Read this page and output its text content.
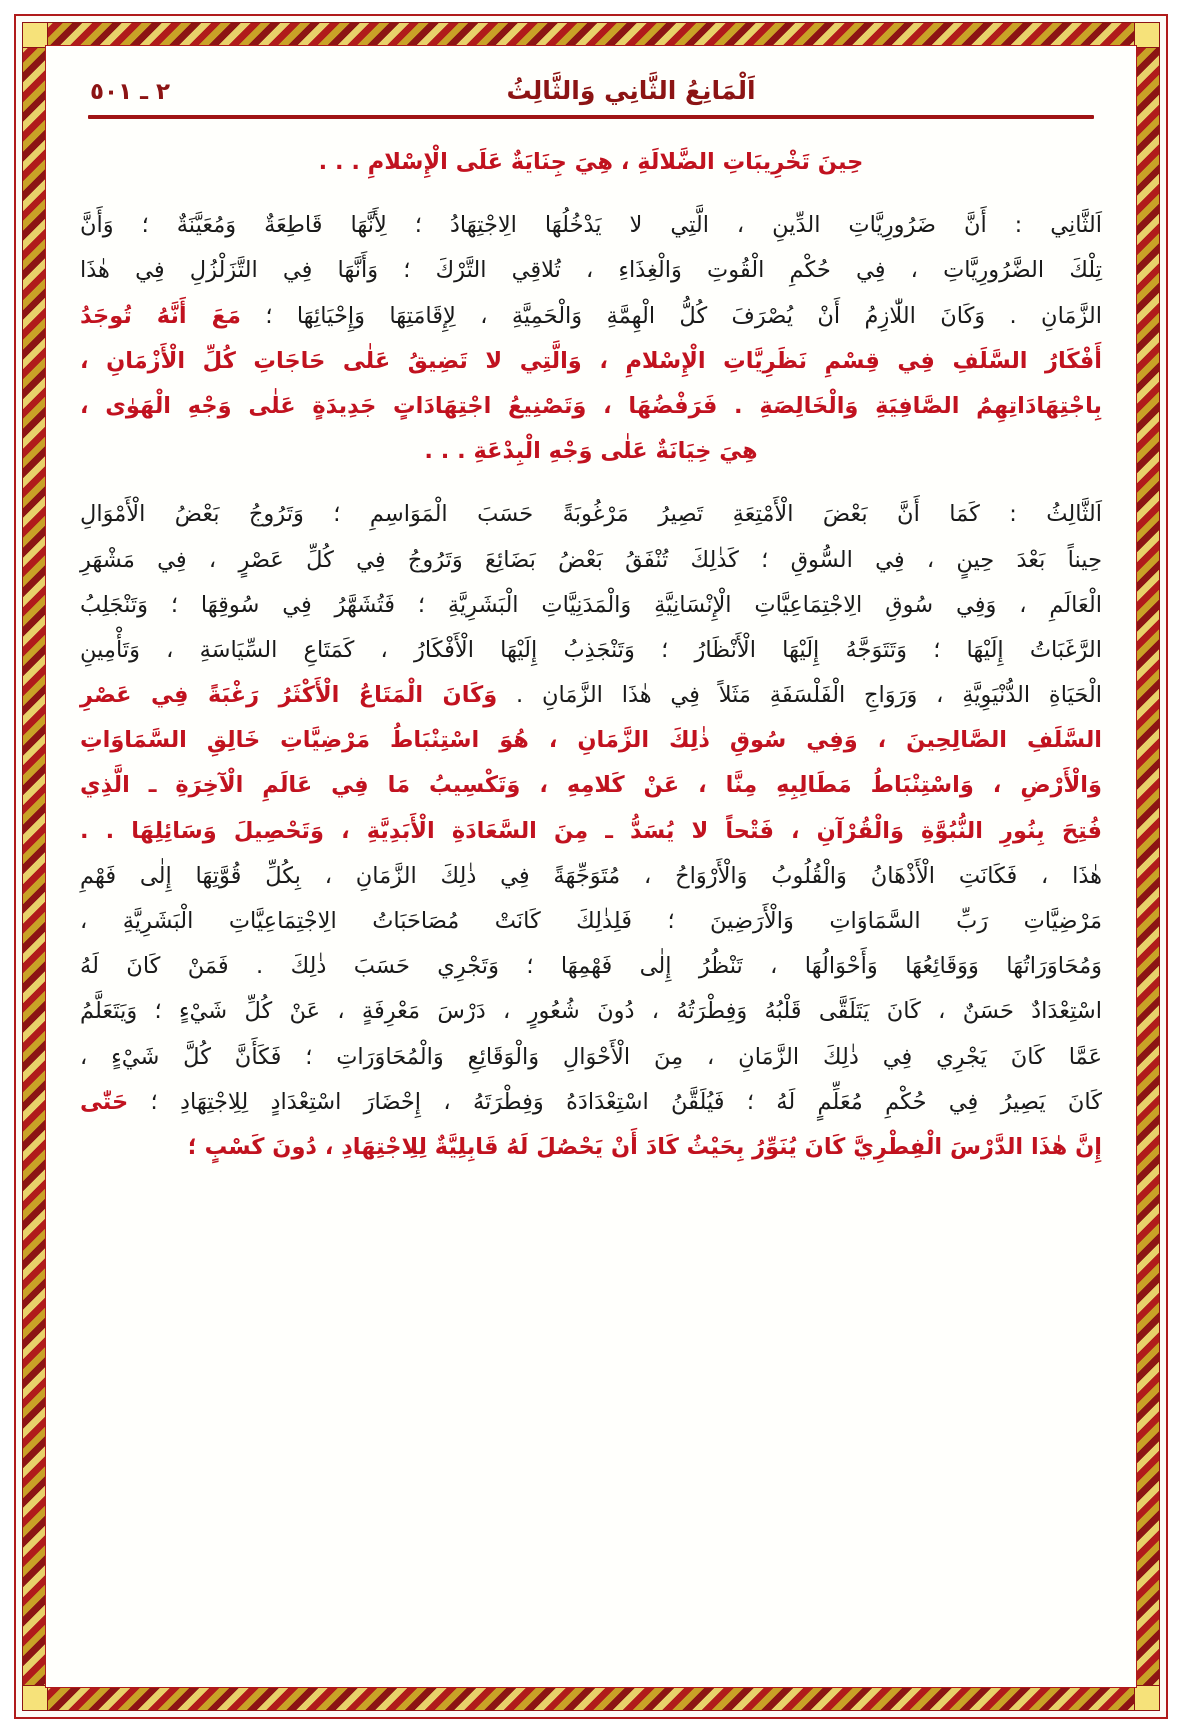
اَلْمَانِعُ الثَّانِي وَالثَّالِثُ
٢ ـ ٥٠١

حِينَ تَخْرِيبَاتِ الضَّلالَةِ ، هِيَ جِنَايَةٌ عَلَى الْإِسْلامِ . . .

اَلثَّانِي : أَنَّ ضَرُورِيَّاتِ الدِّينِ ، الَّتِي لا يَدْخُلُهَا الِاجْتِهَادُ ؛ لِأَنَّهَا قَاطِعَةٌ وَمُعَيَّنَةٌ ؛ وَأَنَّ

تِلْكَ الضَّرُورِيَّاتِ ، فِي حُكْمِ الْقُوتِ وَالْغِذَاءِ ، تُلاقِي التَّرْكَ ؛ وَأَنَّهَا فِي التَّزَلْزُلِ فِي هٰذَا

الزَّمَانِ . وَكَانَ اللّٰازِمُ أَنْ يُصْرَفَ كُلُّ الْهِمَّةِ وَالْحَمِيَّةِ ، لِإِقَامَتِهَا وَإِحْيَائِهَا ؛ مَعَ أَنَّهُ تُوجَدُ

أَفْكَارُ السَّلَفِ فِي قِسْمِ نَظَرِيَّاتِ الْإِسْلامِ ، وَالَّتِي لا تَضِيقُ عَلٰى حَاجَاتِ كُلِّ الْأَزْمَانِ ،

بِاجْتِهَادَاتِهِمُ الصَّافِيَةِ وَالْخَالِصَةِ . فَرَفْضُهَا ، وَتَصْنِيعُ اجْتِهَادَاتٍ جَدِيدَةٍ عَلٰى وَجْهِ الْهَوٰى ،

هِيَ خِيَانَةٌ عَلٰى وَجْهِ الْبِدْعَةِ . . .

اَلثَّالِثُ : كَمَا أَنَّ بَعْضَ الْأَمْتِعَةِ تَصِيرُ مَرْغُوبَةً حَسَبَ الْمَوَاسِمِ ؛ وَتَرُوجُ بَعْضُ الْأَمْوَالِ

حِيناً بَعْدَ حِينٍ ، فِي السُّوقِ ؛ كَذٰلِكَ تُنْفَقُ بَعْضُ بَضَائِعَ وَتَرُوجُ فِي كُلِّ عَصْرٍ ، فِي مَشْهَرِ

الْعَالَمِ ، وَفِي سُوقِ الِاجْتِمَاعِيَّاتِ الْإِنْسَانِيَّةِ وَالْمَدَنِيَّاتِ الْبَشَرِيَّةِ ؛ فَتُشَهَّرُ فِي سُوقِهَا ؛ وَتَنْجَلِبُ

الرَّغَبَاتُ إِلَيْهَا ؛ وَتَتَوَجَّهُ إِلَيْهَا الْأَنْظَارُ ؛ وَتَنْجَذِبُ إِلَيْهَا الْأَفْكَارُ ، كَمَتَاعِ السِّيَاسَةِ ، وَتَأْمِينِ

الْحَيَاةِ الدُّنْيَوِيَّةِ ، وَرَوَاجِ الْفَلْسَفَةِ مَثَلاً فِي هٰذَا الزَّمَانِ . وَكَانَ الْمَتَاعُ الْأَكْثَرُ رَغْبَةً فِي عَصْرِ

السَّلَفِ الصَّالِحِينَ ، وَفِي سُوقِ ذٰلِكَ الزَّمَانِ ، هُوَ اسْتِنْبَاطُ مَرْضِيَّاتِ خَالِقِ السَّمَاوَاتِ

وَالْأَرْضِ ، وَاسْتِنْبَاطُ مَطَالِبِهِ مِنَّا ، عَنْ كَلامِهِ ، وَتَكْسِيبُ مَا فِي عَالَمِ الْآخِرَةِ ـ الَّذِي

فُتِحَ بِنُورِ النُّبُوَّةِ وَالْقُرْآنِ ، فَتْحاً لا يُسَدُّ ـ مِنَ السَّعَادَةِ الْأَبَدِيَّةِ ، وَتَحْصِيلَ وَسَائِلِهَا . .

هٰذَا ، فَكَانَتِ الْأَذْهَانُ وَالْقُلُوبُ وَالْأَرْوَاحُ ، مُتَوَجِّهَةً فِي ذٰلِكَ الزَّمَانِ ، بِكُلِّ قُوَّتِهَا إِلٰى فَهْمِ

مَرْضِيَّاتِ رَبِّ السَّمَاوَاتِ وَالْأَرَضِينَ ؛ فَلِذٰلِكَ كَانَتْ مُصَاحَبَاتُ الِاجْتِمَاعِيَّاتِ الْبَشَرِيَّةِ ،

وَمُحَاوَرَاتُهَا وَوَقَائِعُهَا وَأَحْوَالُهَا ، تَنْظُرُ إِلٰى فَهْمِهَا ؛ وَتَجْرِي حَسَبَ ذٰلِكَ . فَمَنْ كَانَ لَهُ

اسْتِعْدَادٌ حَسَنٌ ، كَانَ يَتَلَقَّى قَلْبُهُ وَفِطْرَتُهُ ، دُونَ شُعُورٍ ، دَرْسَ مَعْرِفَةٍ ، عَنْ كُلِّ شَيْءٍ ؛ وَيَتَعَلَّمُ

عَمَّا كَانَ يَجْرِي فِي ذٰلِكَ الزَّمَانِ ، مِنَ الْأَحْوَالِ وَالْوَقَائِعِ وَالْمُحَاوَرَاتِ ؛ فَكَأَنَّ كُلَّ شَيْءٍ ،

كَانَ يَصِيرُ فِي حُكْمِ مُعَلِّمٍ لَهُ ؛ فَيُلَقَّنُ اسْتِعْدَادَهُ وَفِطْرَتَهُ ، إِحْضَارَ اسْتِعْدَادٍ لِلِاجْتِهَادِ ؛ حَتّٰى

إِنَّ هٰذَا الدَّرْسَ الْفِطْرِيَّ كَانَ يُنَوِّرُ بِحَيْثُ كَادَ أَنْ يَحْصُلَ لَهُ قَابِلِيَّةٌ لِلِاجْتِهَادِ ، دُونَ كَسْبٍ ؛
